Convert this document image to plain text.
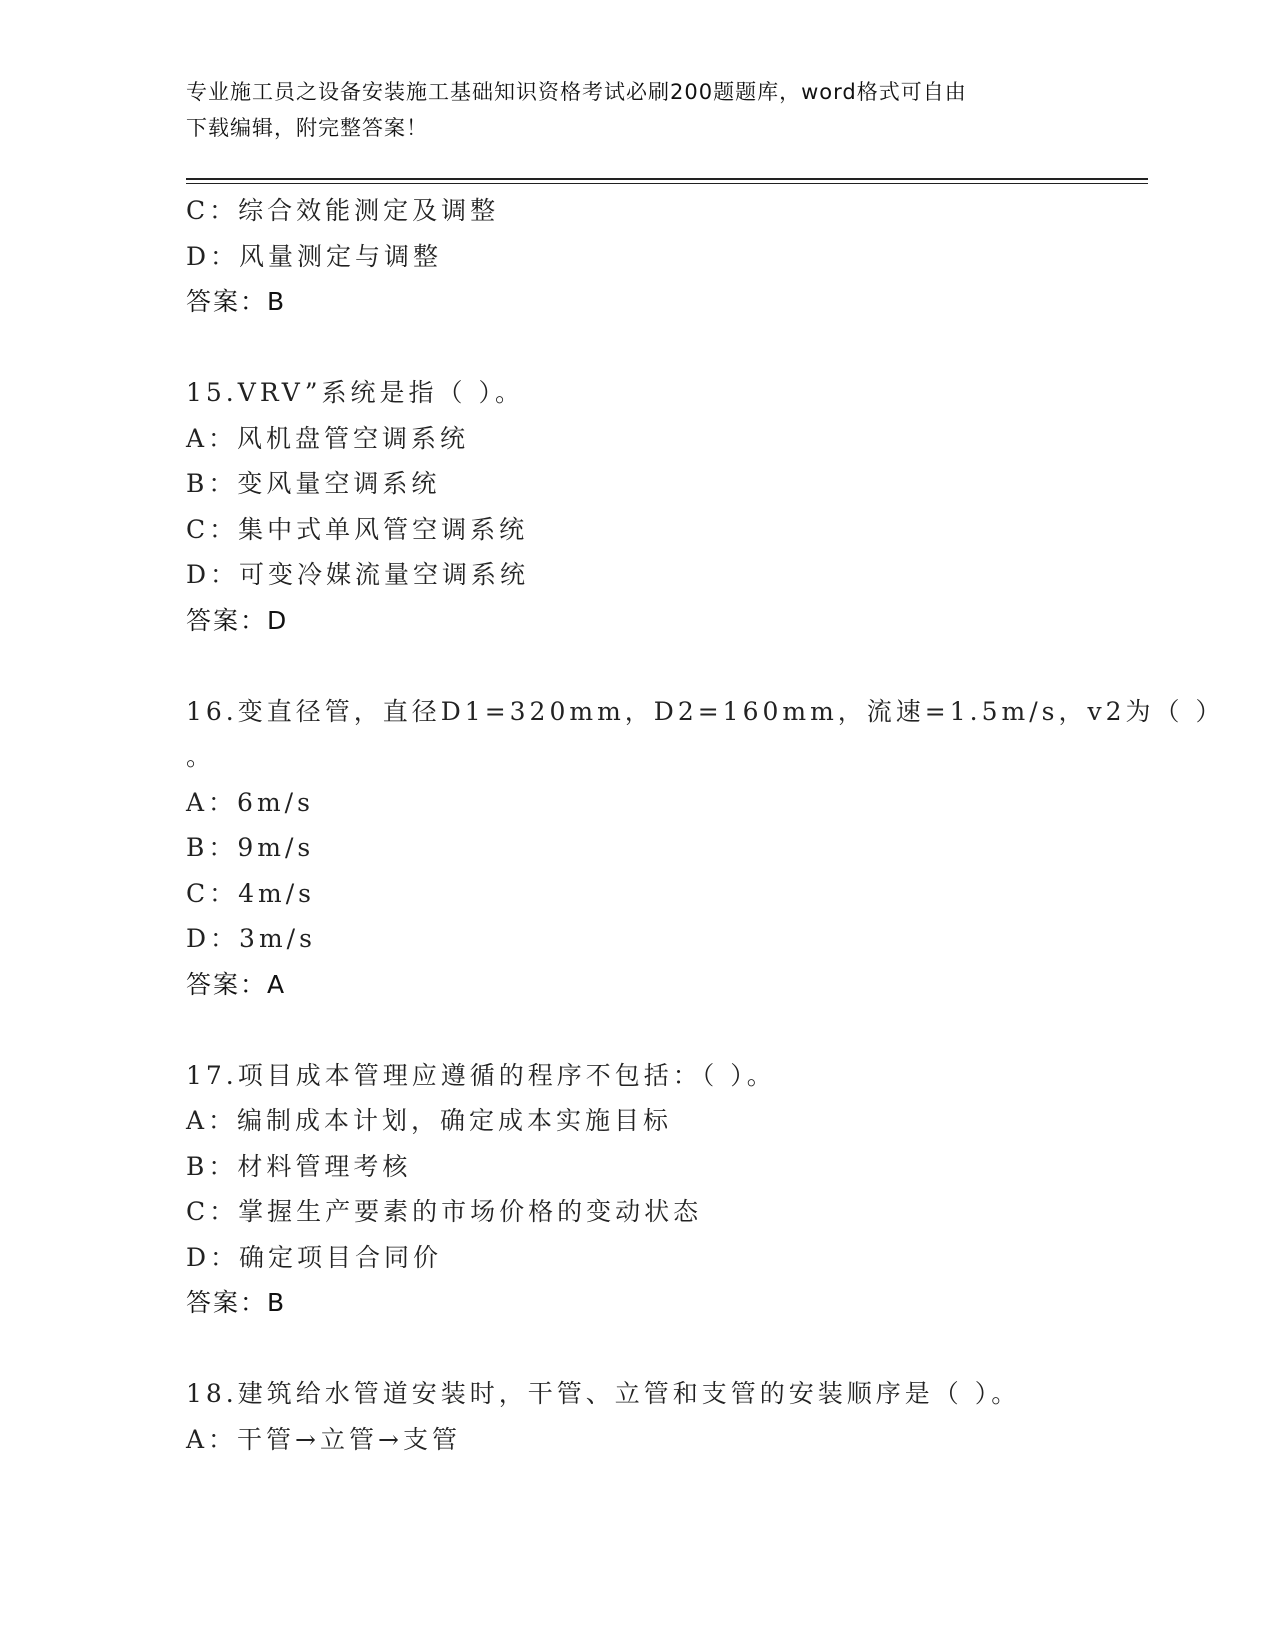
专业施工员之设备安装施工基础知识资格考试必刷200题题库，word格式可自由
下载编辑，附完整答案！
C：综合效能测定及调整
D：风量测定与调整
答案：B
15.VRV”系统是指（ ）。
A：风机盘管空调系统
B：变风量空调系统
C：集中式单风管空调系统
D：可变冷媒流量空调系统
答案：D
16.变直径管，直径D1=320mm，D2=160mm，流速=1.5m/s，v2为（ ）
。
A：6m/s
B：9m/s
C：4m/s
D：3m/s
答案：A
17.项目成本管理应遵循的程序不包括：（ ）。
A：编制成本计划，确定成本实施目标
B：材料管理考核
C：掌握生产要素的市场价格的变动状态
D：确定项目合同价
答案：B
18.建筑给水管道安装时，干管、立管和支管的安装顺序是（ ）。
A：干管→立管→支管
